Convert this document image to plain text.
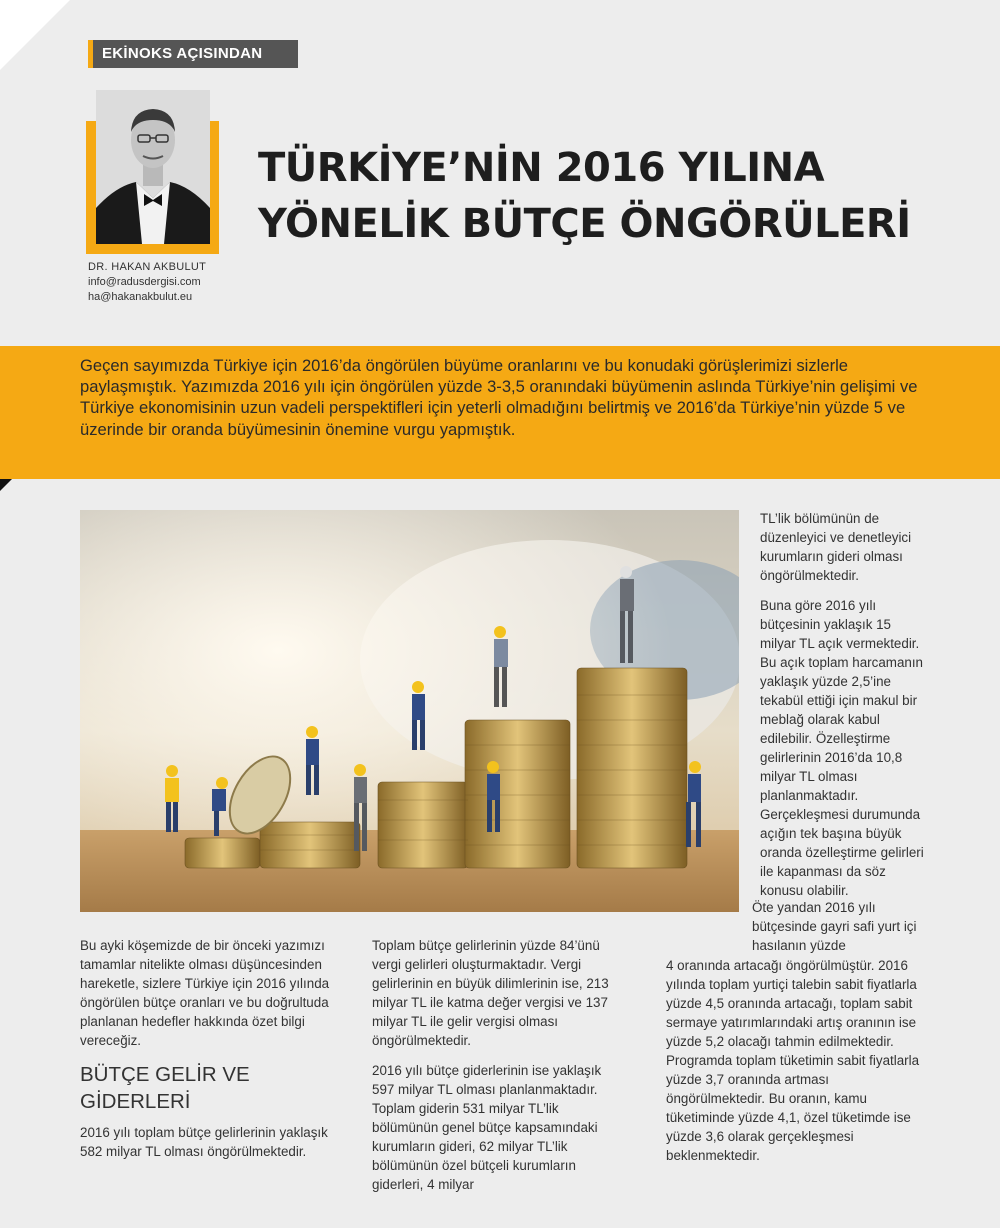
EKİNOKS AÇISINDAN
DR. HAKAN AKBULUT
info@radusdergisi.com
ha@hakanakbulut.eu
TÜRKİYE’NİN 2016 YILINA
YÖNELİK BÜTÇE ÖNGÖRÜLERİ

Geçen sayımızda Türkiye için 2016’da öngörülen büyüme oranlarını ve bu konudaki görüşlerimizi sizlerle paylaşmıştık. Yazımızda 2016 yılı için öngörülen yüzde 3-3,5 oranındaki büyümenin aslında Türkiye’nin gelişimi ve Türkiye ekonomisinin uzun vadeli perspektifleri için yeterli olmadığını belirtmiş ve 2016’da Türkiye’nin yüzde 5 ve üzerinde bir oranda büyümesinin önemine vurgu yapmıştık.

Bu ayki köşemizde de bir önceki yazımızı tamamlar nitelikte olması düşüncesinden hareketle, sizlere Türkiye için 2016 yılında öngörülen bütçe oranları ve bu doğrultuda planlanan hedefler hakkında özet bilgi vereceğiz.

BÜTÇE GELİR VE
GİDERLERİ

2016 yılı toplam bütçe gelirlerinin yaklaşık 582 milyar TL olması öngörülmektedir.

Toplam bütçe gelirlerinin yüzde 84’ünü vergi gelirleri oluşturmaktadır. Vergi gelirlerinin en büyük dilimlerinin ise, 213 milyar TL ile katma değer vergisi ve 137 milyar TL ile gelir vergisi olması öngörülmektedir.

2016 yılı bütçe giderlerinin ise yaklaşık 597 milyar TL olması planlanmaktadır. Toplam giderin 531 milyar TL’lik bölümünün genel bütçe kapsamındaki kurumların gideri, 62 milyar TL’lik bölümünün özel bütçeli kurumların giderleri, 4 milyar

TL’lik bölümünün de düzenleyici ve denetleyici kurumların gideri olması öngörülmektedir.

Buna göre 2016 yılı bütçesinin yaklaşık 15 milyar TL açık vermektedir. Bu açık toplam harcamanın yaklaşık yüzde 2,5’ine tekabül ettiği için makul bir meblağ olarak kabul edilebilir. Özelleştirme gelirlerinin 2016’da 10,8 milyar TL olması planlanmaktadır. Gerçekleşmesi durumunda açığın tek başına büyük oranda özelleştirme gelirleri ile kapanması da söz konusu olabilir.

Öte yandan 2016 yılı bütçesinde gayri safi yurt içi hasılanın yüzde

4 oranında artacağı öngörülmüştür. 2016 yılında toplam yurtiçi talebin sabit fiyatlarla yüzde 4,5 oranında artacağı, toplam sabit sermaye yatırımlarındaki artış oranının ise yüzde 5,2 olacağı tahmin edilmektedir. Programda toplam tüketimin sabit fiyatlarla yüzde 3,7 oranında artması öngörülmektedir. Bu oranın, kamu tüketiminde yüzde 4,1, özel tüketimde ise yüzde 3,6 olarak gerçekleşmesi beklenmektedir.
